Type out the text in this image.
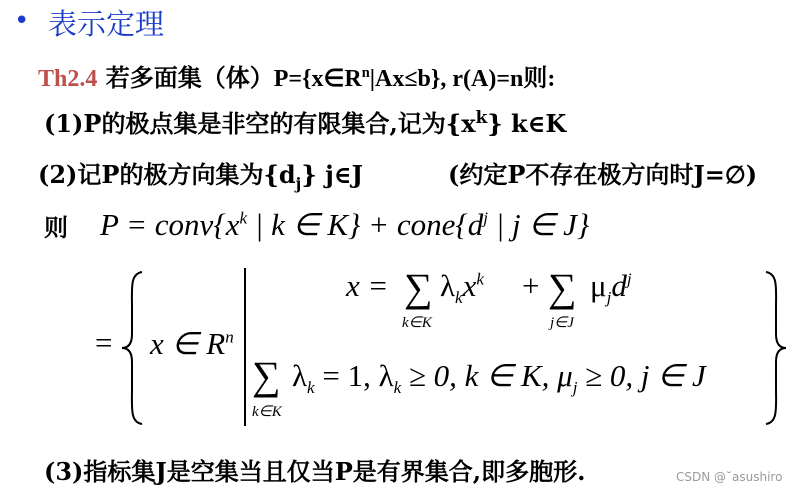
• 表示定理
Th2.4 若多面集（体）$P=\{x\in R^n|Ax\le b\}$, r(A)=n则:
(1)P的极点集是非空的有限集合,记为$\{x^k\}$ k∈K
(2)记P的极方向集为$\{d_j\}$ j∈J	(约定P不存在极方向时J=∅)
则 $P = conv\{x^k$ | k ∈ $K\} + cone\{d^j$ | j ∈ J}
= x ∈ $R^n$
x = ∑
k∈K
$\lambda_kx^k$ + ∑
j∈J
$\mu_jd^j$
∑
k∈K
$\lambda_k = 1$, $\lambda_k \ge 0$, k ∈ K, $\mu_j \ge 0$, j ∈ J
(3)指标集J是空集当且仅当P是有界集合,即多胞形.	CSDN @˘asushiro
